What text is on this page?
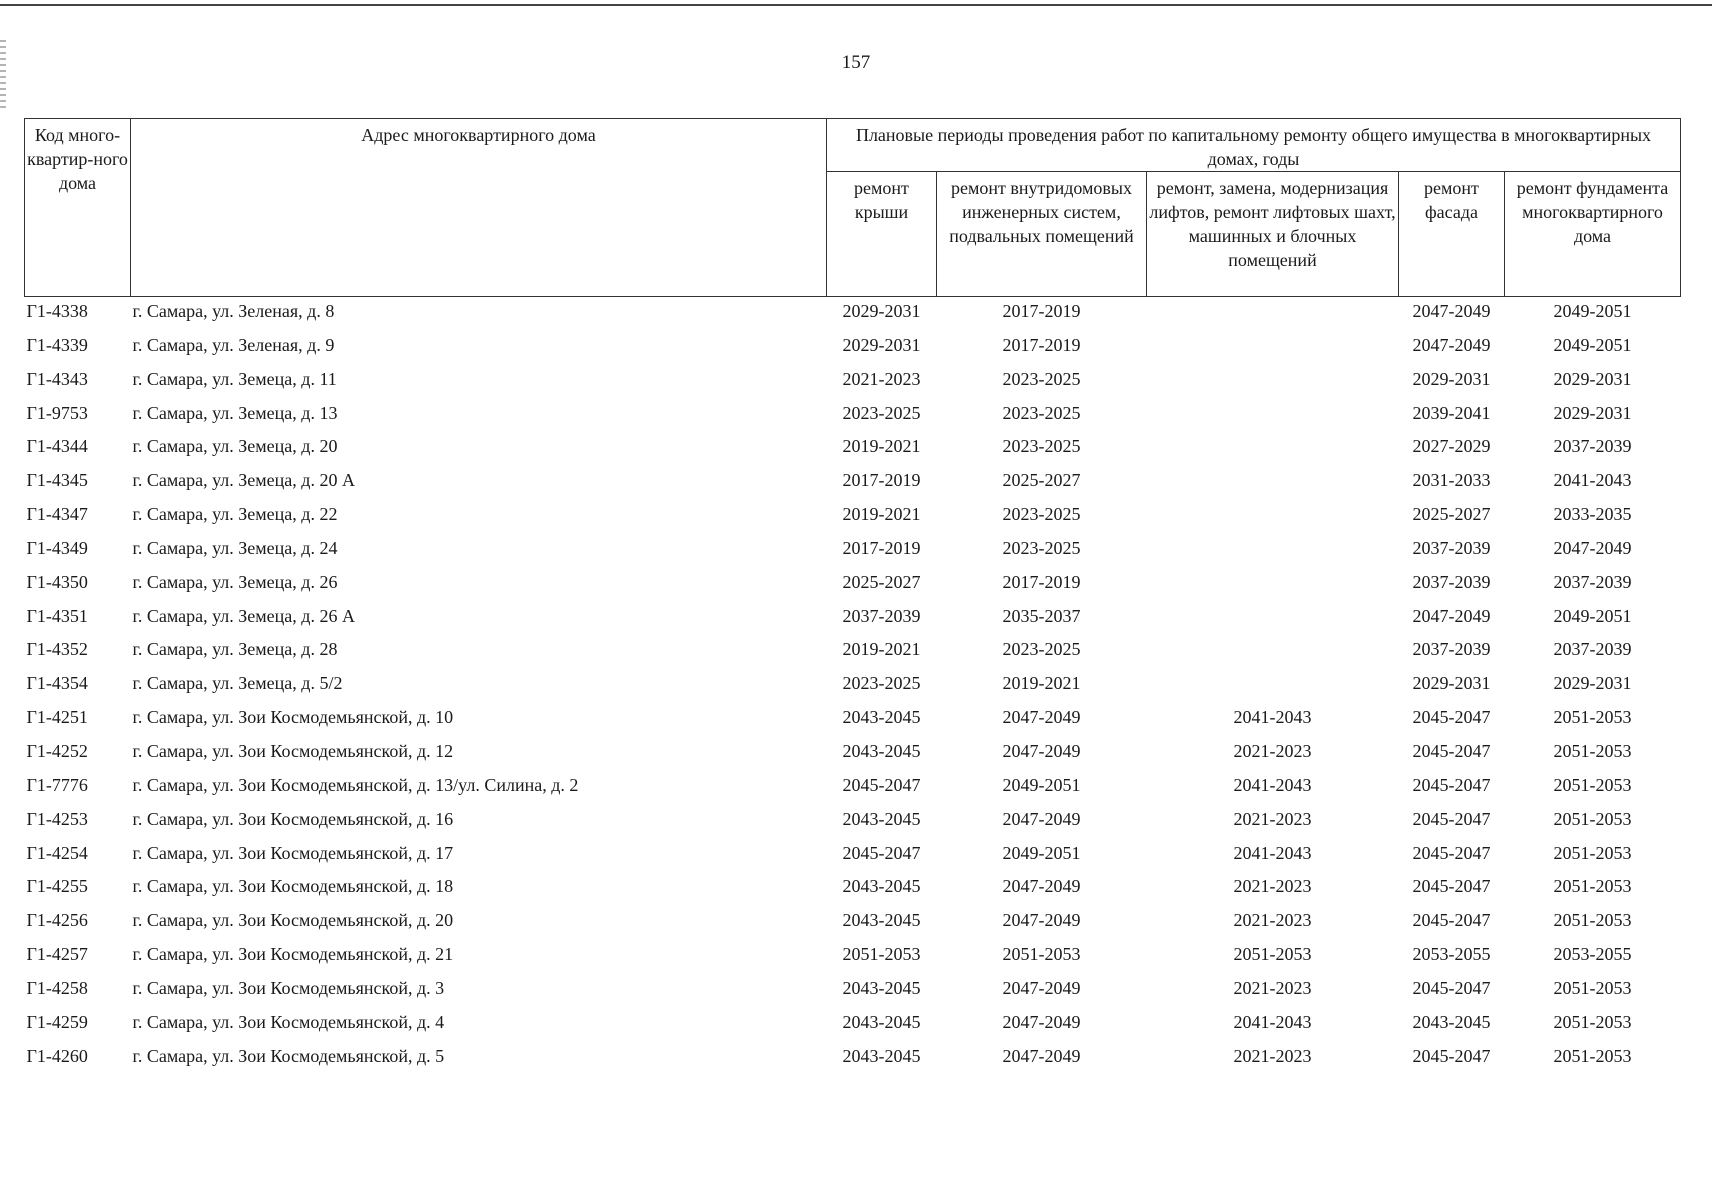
157
Код много-квартир-ного дома	Адрес многоквартирного дома	Плановые периоды проведения работ по капитальному ремонту общего имущества в многоквартирных домах, годы				
		ремонт крыши	ремонт внутридомовых инженерных систем, подвальных помещений	ремонт, замена, модернизация лифтов, ремонт лифтовых шахт, машинных и блочных помещений	ремонт фасада	ремонт фундамента многоквартирного дома
Г1-4338	г. Самара, ул. Зеленая, д. 8	2029-2031	2017-2019		2047-2049	2049-2051
Г1-4339	г. Самара, ул. Зеленая, д. 9	2029-2031	2017-2019		2047-2049	2049-2051
Г1-4343	г. Самара, ул. Земеца, д. 11	2021-2023	2023-2025		2029-2031	2029-2031
Г1-9753	г. Самара, ул. Земеца, д. 13	2023-2025	2023-2025		2039-2041	2029-2031
Г1-4344	г. Самара, ул. Земеца, д. 20	2019-2021	2023-2025		2027-2029	2037-2039
Г1-4345	г. Самара, ул. Земеца, д. 20 А	2017-2019	2025-2027		2031-2033	2041-2043
Г1-4347	г. Самара, ул. Земеца, д. 22	2019-2021	2023-2025		2025-2027	2033-2035
Г1-4349	г. Самара, ул. Земеца, д. 24	2017-2019	2023-2025		2037-2039	2047-2049
Г1-4350	г. Самара, ул. Земеца, д. 26	2025-2027	2017-2019		2037-2039	2037-2039
Г1-4351	г. Самара, ул. Земеца, д. 26 А	2037-2039	2035-2037		2047-2049	2049-2051
Г1-4352	г. Самара, ул. Земеца, д. 28	2019-2021	2023-2025		2037-2039	2037-2039
Г1-4354	г. Самара, ул. Земеца, д. 5/2	2023-2025	2019-2021		2029-2031	2029-2031
Г1-4251	г. Самара, ул. Зои Космодемьянской, д. 10	2043-2045	2047-2049	2041-2043	2045-2047	2051-2053
Г1-4252	г. Самара, ул. Зои Космодемьянской, д. 12	2043-2045	2047-2049	2021-2023	2045-2047	2051-2053
Г1-7776	г. Самара, ул. Зои Космодемьянской, д. 13/ул. Силина, д. 2	2045-2047	2049-2051	2041-2043	2045-2047	2051-2053
Г1-4253	г. Самара, ул. Зои Космодемьянской, д. 16	2043-2045	2047-2049	2021-2023	2045-2047	2051-2053
Г1-4254	г. Самара, ул. Зои Космодемьянской, д. 17	2045-2047	2049-2051	2041-2043	2045-2047	2051-2053
Г1-4255	г. Самара, ул. Зои Космодемьянской, д. 18	2043-2045	2047-2049	2021-2023	2045-2047	2051-2053
Г1-4256	г. Самара, ул. Зои Космодемьянской, д. 20	2043-2045	2047-2049	2021-2023	2045-2047	2051-2053
Г1-4257	г. Самара, ул. Зои Космодемьянской, д. 21	2051-2053	2051-2053	2051-2053	2053-2055	2053-2055
Г1-4258	г. Самара, ул. Зои Космодемьянской, д. 3	2043-2045	2047-2049	2021-2023	2045-2047	2051-2053
Г1-4259	г. Самара, ул. Зои Космодемьянской, д. 4	2043-2045	2047-2049	2041-2043	2043-2045	2051-2053
Г1-4260	г. Самара, ул. Зои Космодемьянской, д. 5	2043-2045	2047-2049	2021-2023	2045-2047	2051-2053
